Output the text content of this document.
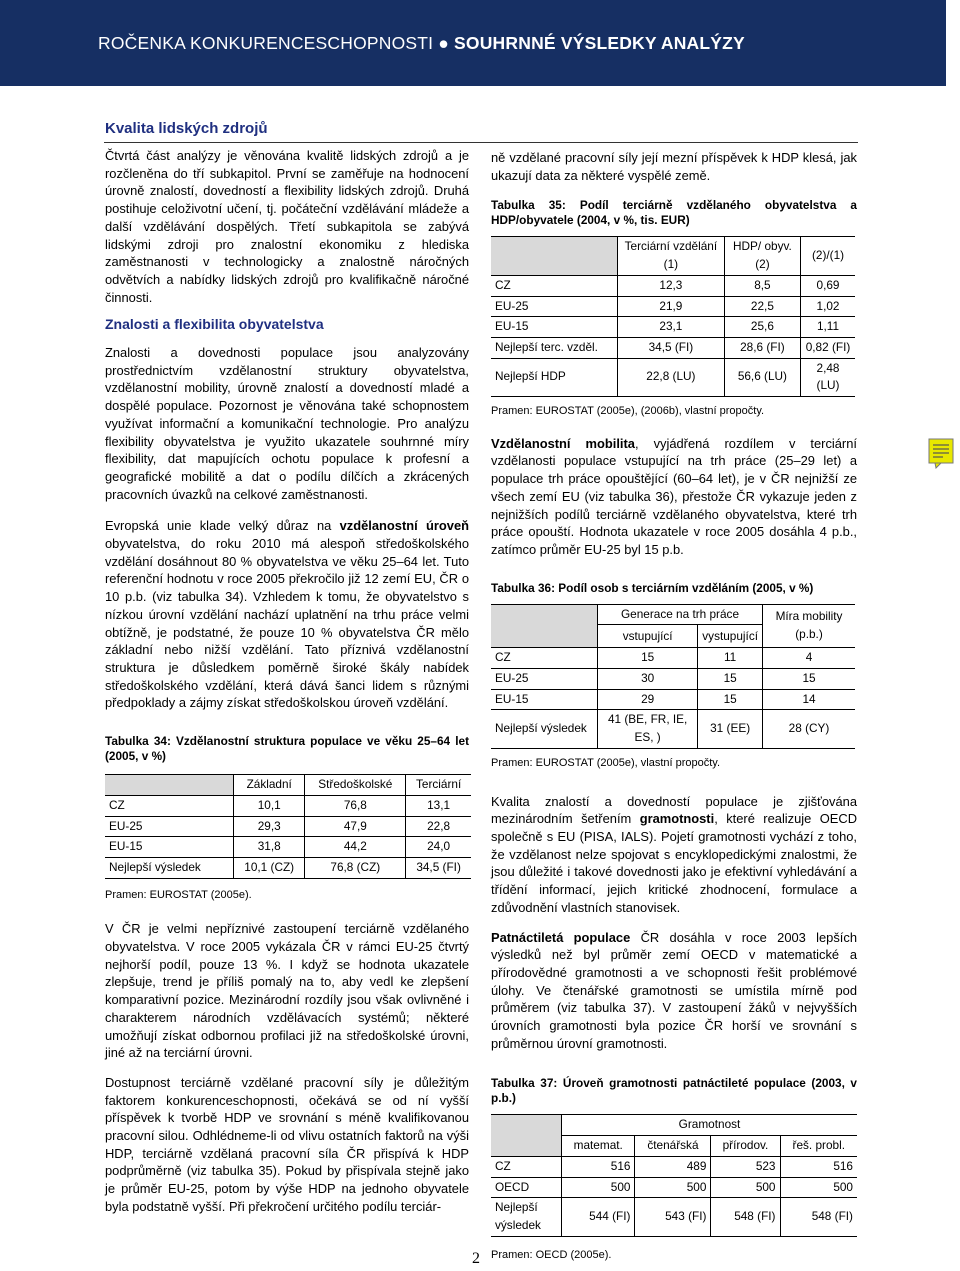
ROČENKA KONKURENCESCHOPNOSTI ● SOUHRNNÉ VÝSLEDKY ANALÝZY
Kvalita lidských zdrojů

Čtvrtá část analýzy je věnována kvalitě lidských zdrojů a je rozčleněna do tří subkapitol. První se zaměřuje na hodnocení úrovně znalostí, dovedností a flexibility lidských zdrojů. Druhá postihuje celoživotní učení, tj. počáteční vzdělávání mládeže a další vzdělávání dospělých. Třetí subkapitola se zabývá lidskými zdroji pro znalostní ekonomiku z hlediska zaměstnanosti v technologicky a znalostně náročných odvětvích a nabídky lidských zdrojů pro kvalifikačně náročné činnosti.

Znalosti a flexibilita obyvatelstva

Znalosti a dovednosti populace jsou analyzovány prostřednictvím vzdělanostní struktury obyvatelstva, vzdělanostní mobility, úrovně znalostí a dovedností mladé a dospělé populace. Pozornost je věnována také schopnostem využívat informační a komunikační technologie. Pro analýzu flexibility obyvatelstva je využito ukazatele souhrnné míry flexibility, dat mapujících ochotu populace k profesní a geografické mobilitě a dat o podílu dílčích a zkrácených pracovních úvazků na celkové zaměstnanosti.

Evropská unie klade velký důraz na vzdělanostní úroveň obyvatelstva, do roku 2010 má alespoň středoškolského vzdělání dosáhnout 80 % obyvatelstva ve věku 25–64 let. Tuto referenční hodnotu v roce 2005 překročilo již 12 zemí EU, ČR o 10 p.b. (viz tabulka 34). Vzhledem k tomu, že obyvatelstvo s nízkou úrovní vzdělání nachází uplatnění na trhu práce velmi obtížně, je podstatné, že pouze 10 % obyvatelstva ČR mělo základní nebo nižší vzdělání. Tato příznivá vzdělanostní struktura je důsledkem poměrně široké škály nabídek středoškolského vzdělání, která dává šanci lidem s různými předpoklady a zájmy získat středoškolskou úroveň vzdělání.

Tabulka 34: Vzdělanostní struktura populace ve věku 25–64 let (2005, v %)

	Základní	Středoškolské	Terciární
CZ	10,1	76,8	13,1
EU-25	29,3	47,9	22,8
EU-15	31,8	44,2	24,0
Nejlepší výsledek	10,1 (CZ)	76,8 (CZ)	34,5 (FI)

Pramen: EUROSTAT (2005e).

V ČR je velmi nepříznivé zastoupení terciárně vzdělaného obyvatelstva. V roce 2005 vykázala ČR v rámci EU-25 čtvrtý nejhorší podíl, pouze 13 %. I když se hodnota ukazatele zlepšuje, trend je příliš pomalý na to, aby vedl ke zlepšení komparativní pozice. Mezinárodní rozdíly jsou však ovlivněné i charakterem národních vzdělávacích systémů; některé umožňují získat odbornou profilaci již na středoškolské úrovni, jiné až na terciární úrovni.

Dostupnost terciárně vzdělané pracovní síly je důležitým faktorem konkurenceschopnosti, očekává se od ní vyšší příspěvek k tvorbě HDP ve srovnání s méně kvalifikovanou pracovní silou. Odhlédneme-li od vlivu ostatních faktorů na výši HDP, terciárně vzdělaná pracovní síla ČR přispívá k HDP podprůměrně (viz tabulka 35). Pokud by přispívala stejně jako je průměr EU-25, potom by výše HDP na jednoho obyvatele byla podstatně vyšší. Při překročení určitého podílu terciár-

ně vzdělané pracovní síly její mezní příspěvek k HDP klesá, jak ukazují data za některé vyspělé země.

Tabulka 35: Podíl terciárně vzdělaného obyvatelstva a HDP/obyvatele (2004, v %, tis. EUR)

	Terciární vzdělání (1)	HDP/ obyv. (2)	(2)/(1)
CZ	12,3	8,5	0,69
EU-25	21,9	22,5	1,02
EU-15	23,1	25,6	1,11
Nejlepší terc. vzděl.	34,5 (FI)	28,6 (FI)	0,82 (FI)
Nejlepší HDP	22,8 (LU)	56,6 (LU)	2,48 (LU)

Pramen: EUROSTAT (2005e), (2006b), vlastní propočty.

Vzdělanostní mobilita, vyjádřená rozdílem v terciární vzdělanosti populace vstupující na trh práce (25–29 let) a populace trh práce opouštějící (60–64 let), je v ČR nejnižší ze všech zemí EU (viz tabulka 36), přestože ČR vykazuje jeden z nejnižších podílů terciárně vzdělaného obyvatelstva, které trh práce opouští. Hodnota ukazatele v roce 2005 dosáhla 4 p.b., zatímco průměr EU-25 byl 15 p.b.

Tabulka 36: Podíl osob s terciárním vzděláním (2005, v %)

	Generace na trh práce		Míra mobility (p.b.)
	vstupující	vystupující	
CZ	15	11	4
EU-25	30	15	15
EU-15	29	15	14
Nejlepší výsledek	41 (BE, FR, IE, ES, )	31 (EE)	28 (CY)

Pramen: EUROSTAT (2005e), vlastní propočty.

Kvalita znalostí a dovedností populace je zjišťována mezinárodním šetřením gramotnosti, které realizuje OECD společně s EU (PISA, IALS). Pojetí gramotnosti vychází z toho, že vzdělanost nelze spojovat s encyklopedickými znalostmi, že jsou důležité i takové dovednosti jako je efektivní vyhledávání a třídění informací, jejich kritické zhodnocení, formulace a zdůvodnění vlastních stanovisek.

Patnáctiletá populace ČR dosáhla v roce 2003 lepších výsledků než byl průměr zemí OECD v matematické a přírodovědné gramotnosti a ve schopnosti řešit problémové úlohy. Ve čtenářské gramotnosti se umístila mírně pod průměrem (viz tabulka 37). V zastoupení žáků v nejvyšších úrovních gramotnosti byla pozice ČR horší ve srovnání s průměrnou úrovní gramotnosti.

Tabulka 37: Úroveň gramotnosti patnáctileté populace (2003, v p.b.)

	Gramotnost			
	matemat.	čtenářská	přírodov.	řeš. probl.
CZ	516	489	523	516
OECD	500	500	500	500
Nejlepší výsledek	544 (FI)	543 (FI)	548 (FI)	548 (FI)

Pramen: OECD (2005e).

2
